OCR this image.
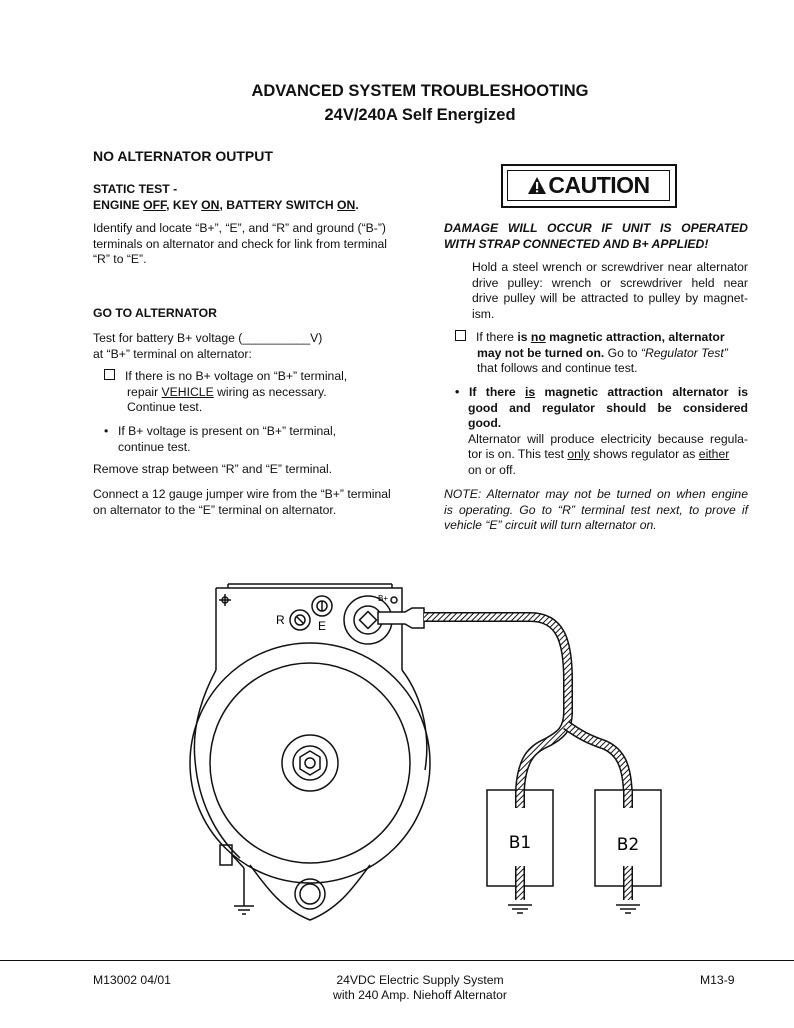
ADVANCED SYSTEM TROUBLESHOOTING
24V/240A Self Energized
NO ALTERNATOR OUTPUT
STATIC TEST -
ENGINE OFF, KEY ON, BATTERY SWITCH ON.
Identify and locate “B+”, “E”, and “R” and ground (“B-”)
terminals on alternator and check for link from terminal
“R” to “E”.
GO TO ALTERNATOR
Test for battery B+ voltage (__________V)
at “B+” terminal on alternator:
If there is no B+ voltage on “B+” terminal,
repair VEHICLE wiring as necessary.
Continue test.
• If B+ voltage is present on “B+” terminal,
continue test.
Remove strap between “R” and “E” terminal.
Connect a 12 gauge jumper wire from the “B+” terminal
on alternator to the “E” terminal on alternator.
CAUTION
DAMAGE WILL OCCUR IF UNIT IS OPERATED
WITH STRAP CONNECTED AND B+ APPLIED!
Hold a steel wrench or screwdriver near alternator
drive pulley: wrench or screwdriver held near
drive pulley will be attracted to pulley by magnet-
ism.
If there is no magnetic attraction, alternator
may not be turned on. Go to “Regulator Test”
that follows and continue test.
• If there is magnetic attraction alternator is
good and regulator should be considered
good.
Alternator will produce electricity because regula-
tor is on. This test only shows regulator as either
on or off.
NOTE: Alternator may not be turned on when engine
is operating. Go to “R” terminal test next, to prove if
vehicle “E” circuit will turn alternator on.
R	E
B+
B1	B2
M13002 04/01	24VDC Electric Supply System
with 240 Amp. Niehoff Alternator
M13-9
